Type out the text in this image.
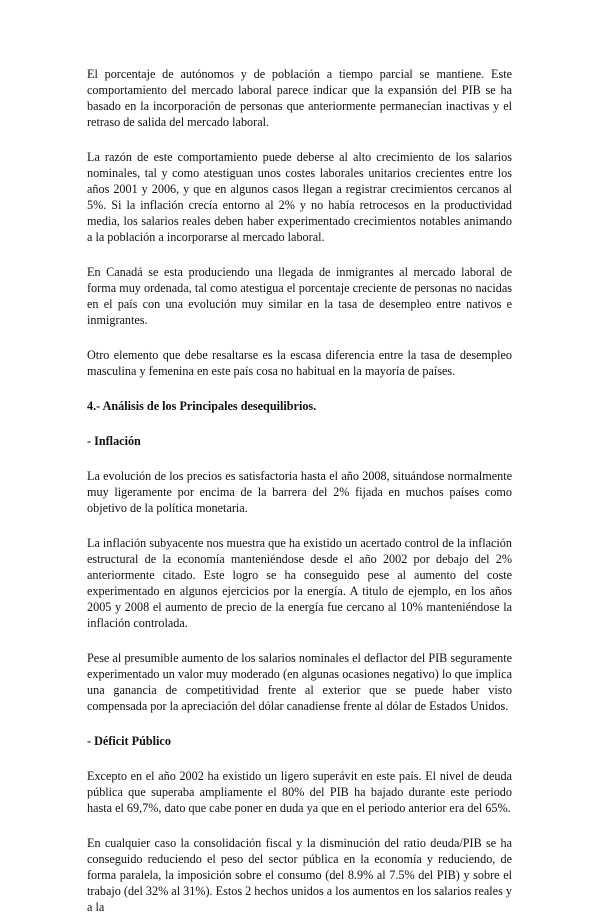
El porcentaje de autónomos y de población a tiempo parcial se mantiene. Este comportamiento del mercado laboral parece indicar que la expansión del PIB se ha basado en la incorporación de personas que anteriormente permanecían inactivas y el retraso de salida del mercado laboral.

La razón de este comportamiento puede deberse al alto crecimiento de los salarios nominales, tal y como atestiguan unos costes laborales unitarios crecientes entre los años 2001 y 2006, y que en algunos casos llegan a registrar crecimientos cercanos al 5%. Si la inflación crecía entorno al 2% y no había retrocesos en la productividad media, los salarios reales deben haber experimentado crecimientos notables animando a la población a incorporarse al mercado laboral.

En Canadá se esta produciendo una llegada de inmigrantes al mercado laboral de forma muy ordenada, tal como atestigua el porcentaje creciente de personas no nacidas en el país con una evolución muy similar en la tasa de desempleo entre nativos e inmigrantes.

Otro elemento que debe resaltarse es la escasa diferencia entre la tasa de desempleo masculina y femenina en este país cosa no habitual en la mayoría de países.

4.- Análisis de los Principales desequilibrios.
- Inflación

La evolución de los precios es satisfactoria hasta el año 2008, situándose normalmente muy ligeramente por encima de la barrera del 2% fijada en muchos países como objetivo de la política monetaria.

La inflación subyacente nos muestra que ha existido un acertado control de la inflación estructural de la economía manteniéndose desde el año 2002 por debajo del 2% anteriormente citado. Este logro se ha conseguido pese al aumento del coste experimentado en algunos ejercicios por la energía. A titulo de ejemplo, en los años 2005 y 2008 el aumento de precio de la energía fue cercano al 10% manteniéndose la inflación controlada.

Pese al presumible aumento de los salarios nominales el deflactor del PIB seguramente experimentado un valor muy moderado (en algunas ocasiones negativo) lo que implica una ganancia de competitividad frente al exterior que se puede haber visto compensada por la apreciación del dólar canadiense frente al dólar de Estados Unidos.

- Déficit Público

Excepto en el año 2002 ha existido un ligero superávit en este país. El nivel de deuda pública que superaba ampliamente el 80% del PIB ha bajado durante este periodo hasta el 69,7%, dato que cabe poner en duda ya que en el periodo anterior era del 65%.

En cualquier caso la consolidación fiscal y la disminución del ratio deuda/PIB se ha conseguido reduciendo el peso del sector pública en la economía y reduciendo, de forma paralela, la imposición sobre el consumo (del 8.9% al 7.5% del PIB) y sobre el trabajo (del 32% al 31%). Estos 2 hechos unidos a los aumentos en los salarios reales y a la
